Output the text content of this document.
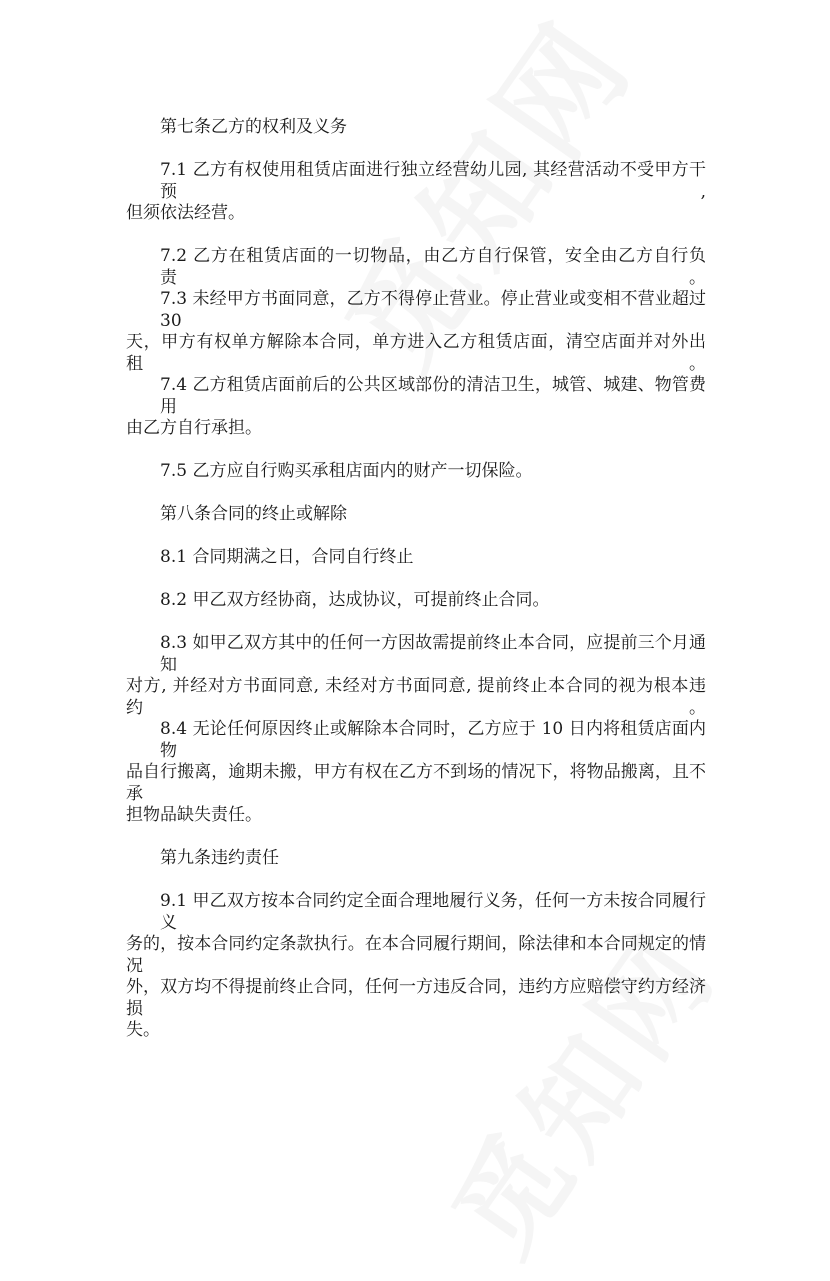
第七条乙方的权利及义务
7.1 乙方有权使用租赁店面进行独立经营幼儿园, 其经营活动不受甲方干预,
但须依法经营。
7.2 乙方在租赁店面的一切物品，由乙方自行保管，安全由乙方自行负责。
7.3 未经甲方书面同意，乙方不得停止营业。停止营业或变相不营业超过 30
天，甲方有权单方解除本合同，单方进入乙方租赁店面，清空店面并对外出租。
7.4 乙方租赁店面前后的公共区域部份的清洁卫生，城管、城建、物管费用
由乙方自行承担。
7.5 乙方应自行购买承租店面内的财产一切保险。
第八条合同的终止或解除
8.1 合同期满之日，合同自行终止
8.2 甲乙双方经协商，达成协议，可提前终止合同。
8.3 如甲乙双方其中的任何一方因故需提前终止本合同，应提前三个月通知
对方, 并经对方书面同意, 未经对方书面同意, 提前终止本合同的视为根本违约。
8.4 无论任何原因终止或解除本合同时，乙方应于 10 日内将租赁店面内物
品自行搬离，逾期未搬，甲方有权在乙方不到场的情况下，将物品搬离，且不承
担物品缺失责任。
第九条违约责任
9.1 甲乙双方按本合同约定全面合理地履行义务，任何一方未按合同履行义
务的，按本合同约定条款执行。在本合同履行期间，除法律和本合同规定的情况
外，双方均不得提前终止合同，任何一方违反合同，违约方应赔偿守约方经济损
失。
